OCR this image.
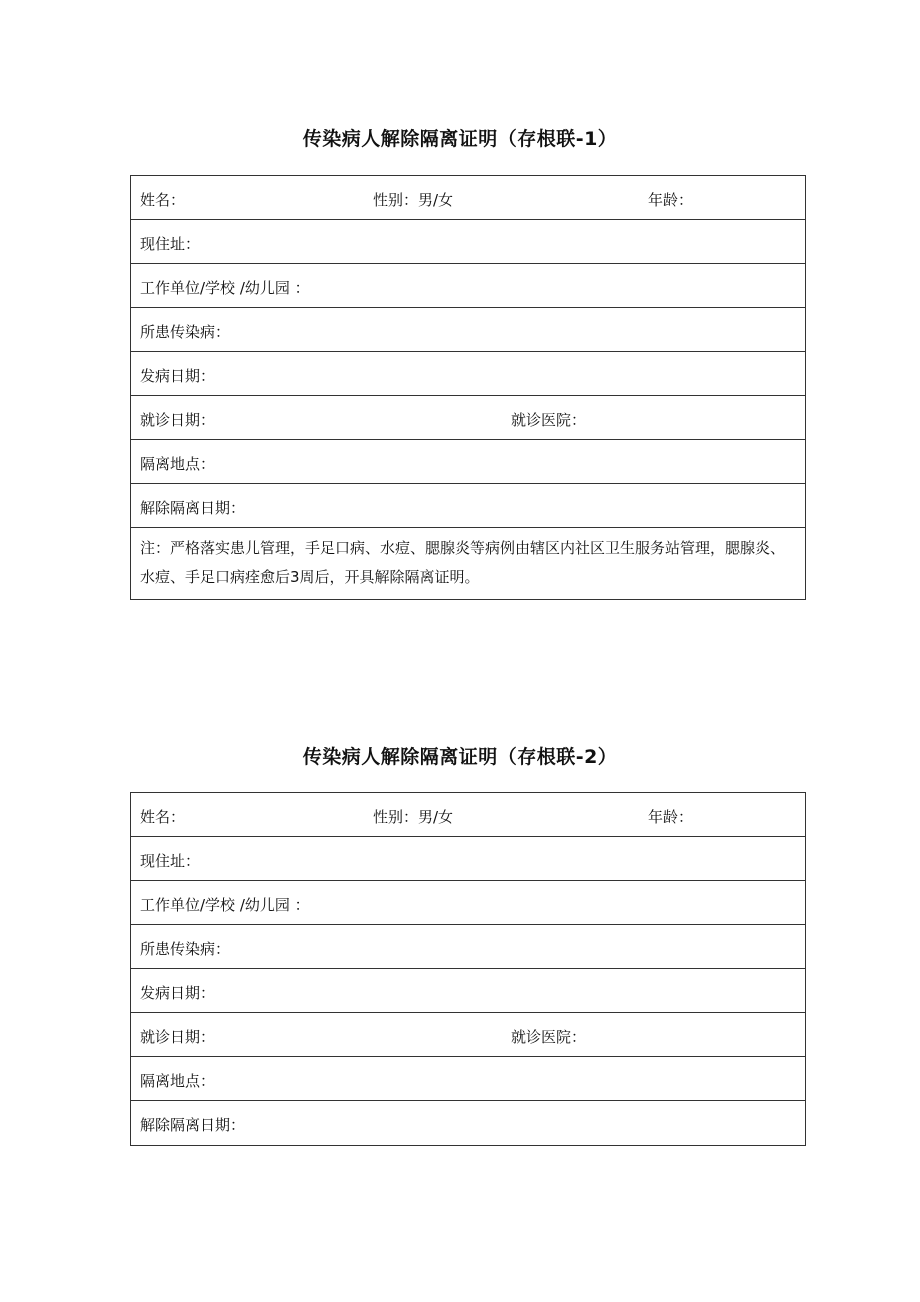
传染病人解除隔离证明（存根联-1）
姓名：	性别：男/女	年龄：
现住址：
工作单位/学校 /幼儿园 ：
所患传染病：
发病日期：
就诊日期：	就诊医院：
隔离地点：
解除隔离日期：
注：严格落实患儿管理，手足口病、水痘、腮腺炎等病例由辖区内社区卫生服务站管理，腮腺炎、水痘、手足口病痊愈后3周后，开具解除隔离证明。
传染病人解除隔离证明（存根联-2）
姓名：	性别：男/女	年龄：
现住址：
工作单位/学校 /幼儿园 ：
所患传染病：
发病日期：
就诊日期：	就诊医院：
隔离地点：
解除隔离日期：
